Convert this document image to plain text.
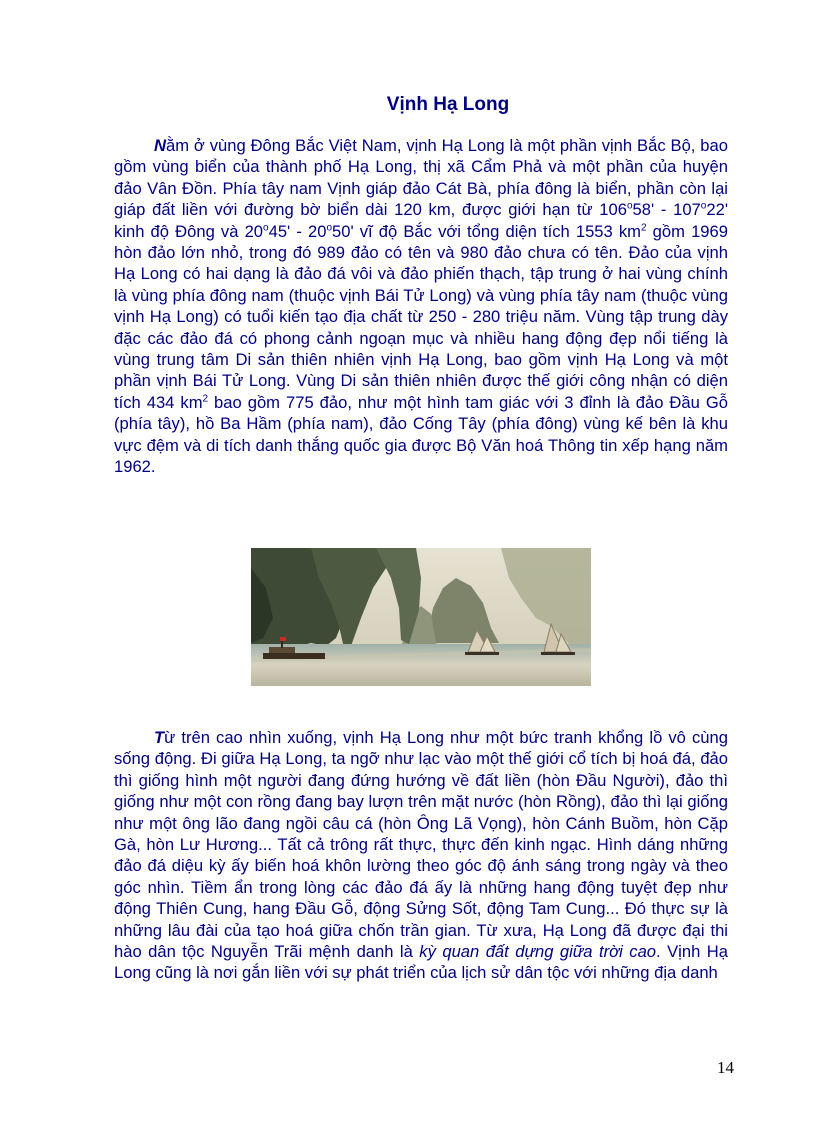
Vịnh Hạ Long
Nằm ở vùng Đông Bắc Việt Nam, vịnh Hạ Long là một phần vịnh Bắc Bộ, bao gồm vùng biển của thành phố Hạ Long, thị xã Cẩm Phả và một phần của huyện đảo Vân Đồn. Phía tây nam Vịnh giáp đảo Cát Bà, phía đông là biển, phần còn lại giáp đất liền với đường bờ biển dài 120 km, được giới hạn từ 106$^o$58' - 107$^o$22' kinh độ Đông và 20$^o$45' - 20$^o$50' vĩ độ Bắc với tổng diện tích 1553 $km^2$ gồm 1969 hòn đảo lớn nhỏ, trong đó 989 đảo có tên và 980 đảo chưa có tên. Đảo của vịnh Hạ Long có hai dạng là đảo đá vôi và đảo phiến thạch, tập trung ở hai vùng chính là vùng phía đông nam (thuộc vịnh Bái Tử Long) và vùng phía tây nam (thuộc vùng vịnh Hạ Long) có tuổi kiến tạo địa chất từ 250 - 280 triệu năm. Vùng tập trung dày đặc các đảo đá có phong cảnh ngoạn mục và nhiều hang động đẹp nổi tiếng là vùng trung tâm Di sản thiên nhiên vịnh Hạ Long, bao gồm vịnh Hạ Long và một phần vịnh Bái Tử Long. Vùng Di sản thiên nhiên được thế giới công nhận có diện tích 434 $km^2$ bao gồm 775 đảo, như một hình tam giác với 3 đỉnh là đảo Đầu Gỗ (phía tây), hồ Ba Hầm (phía nam), đảo Cống Tây (phía đông) vùng kế bên là khu vực đệm và di tích danh thắng quốc gia được Bộ Văn hoá Thông tin xếp hạng năm 1962.
Từ trên cao nhìn xuống, vịnh Hạ Long như một bức tranh khổng lồ vô cùng sống động. Đi giữa Hạ Long, ta ngỡ như lạc vào một thế giới cổ tích bị hoá đá, đảo thì giống hình một người đang đứng hướng về đất liền (hòn Đầu Người), đảo thì giống như một con rồng đang bay lượn trên mặt nước (hòn Rồng), đảo thì lại giống như một ông lão đang ngồi câu cá (hòn Ông Lã Vọng), hòn Cánh Buồm, hòn Cặp Gà, hòn Lư Hương... Tất cả trông rất thực, thực đến kinh ngạc. Hình dáng những đảo đá diệu kỳ ấy biến hoá khôn lường theo góc độ ánh sáng trong ngày và theo góc nhìn. Tiềm ẩn trong lòng các đảo đá ấy là những hang động tuyệt đẹp như động Thiên Cung, hang Đầu Gỗ, động Sửng Sốt, động Tam Cung... Đó thực sự là những lâu đài của tạo hoá giữa chốn trần gian. Từ xưa, Hạ Long đã được đại thi hào dân tộc Nguyễn Trãi mệnh danh là kỳ quan đất dựng giữa trời cao. Vịnh Hạ Long cũng là nơi gắn liền với sự phát triển của lịch sử dân tộc với những địa danh
14
